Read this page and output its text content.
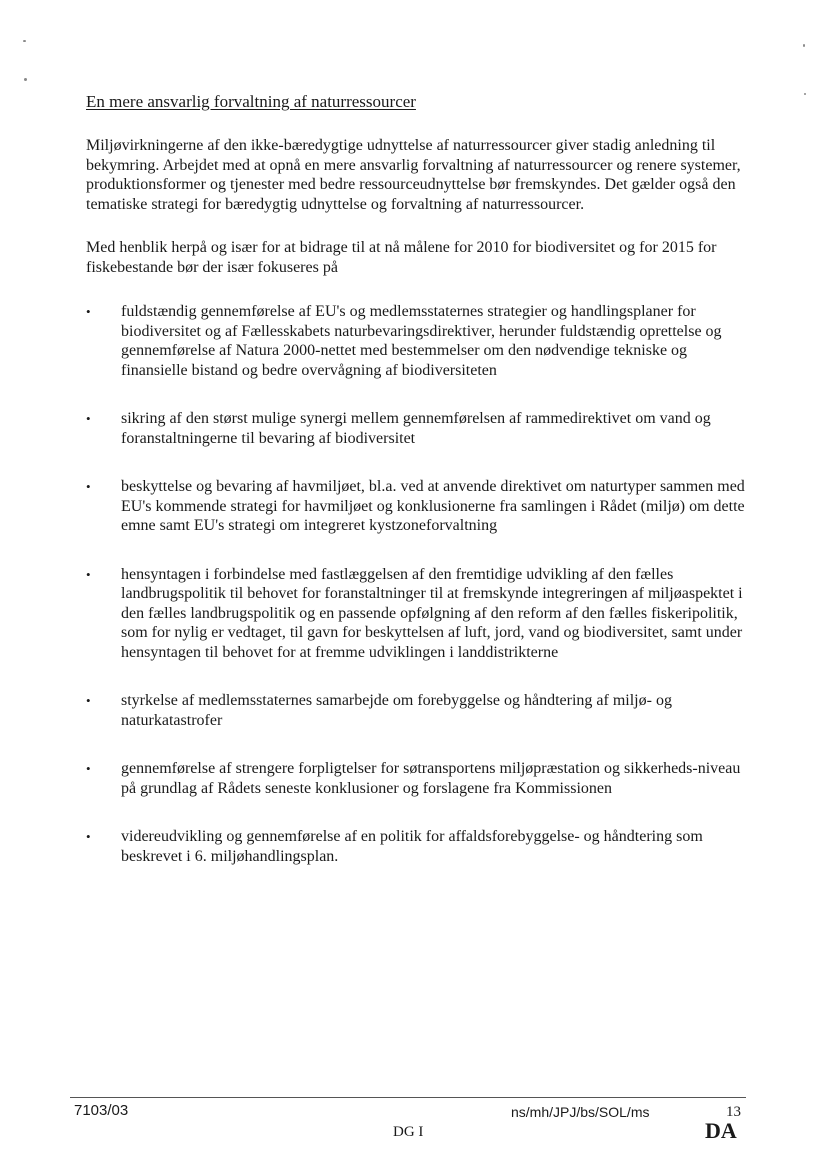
En mere ansvarlig forvaltning af naturressourcer

Miljøvirkningerne af den ikke-bæredygtige udnyttelse af naturressourcer giver stadig anledning til bekymring. Arbejdet med at opnå en mere ansvarlig forvaltning af naturressourcer og renere systemer, produktionsformer og tjenester med bedre ressourceudnyttelse bør fremskyndes. Det gælder også den tematiske strategi for bæredygtig udnyttelse og forvaltning af naturressourcer.

Med henblik herpå og især for at bidrage til at nå målene for 2010 for biodiversitet og for 2015 for fiskebestande bør der især fokuseres på

• fuldstændig gennemførelse af EU's og medlemsstaternes strategier og handlingsplaner for biodiversitet og af Fællesskabets naturbevaringsdirektiver, herunder fuldstændig oprettelse og gennemførelse af Natura 2000-nettet med bestemmelser om den nødvendige tekniske og finansielle bistand og bedre overvågning af biodiversiteten
• sikring af den størst mulige synergi mellem gennemførelsen af rammedirektivet om vand og foranstaltningerne til bevaring af biodiversitet
• beskyttelse og bevaring af havmiljøet, bl.a. ved at anvende direktivet om naturtyper sammen med EU's kommende strategi for havmiljøet og konklusionerne fra samlingen i Rådet (miljø) om dette emne samt EU's strategi om integreret kystzoneforvaltning
• hensyntagen i forbindelse med fastlæggelsen af den fremtidige udvikling af den fælles landbrugspolitik til behovet for foranstaltninger til at fremskynde integreringen af miljøaspektet i den fælles landbrugspolitik og en passende opfølgning af den reform af den fælles fiskeripolitik, som for nylig er vedtaget, til gavn for beskyttelsen af luft, jord, vand og biodiversitet, samt under hensyntagen til behovet for at fremme udviklingen i landdistrikterne
• styrkelse af medlemsstaternes samarbejde om forebyggelse og håndtering af miljø- og naturkatastrofer
• gennemførelse af strengere forpligtelser for søtransportens miljøpræstation og sikkerheds-niveau på grundlag af Rådets seneste konklusioner og forslagene fra Kommissionen
• videreudvikling og gennemførelse af en politik for affaldsforebyggelse- og håndtering som beskrevet i 6. miljøhandlingsplan.
7103/03	ns/mh/JPJ/bs/SOL/ms	13
DG I	DA
